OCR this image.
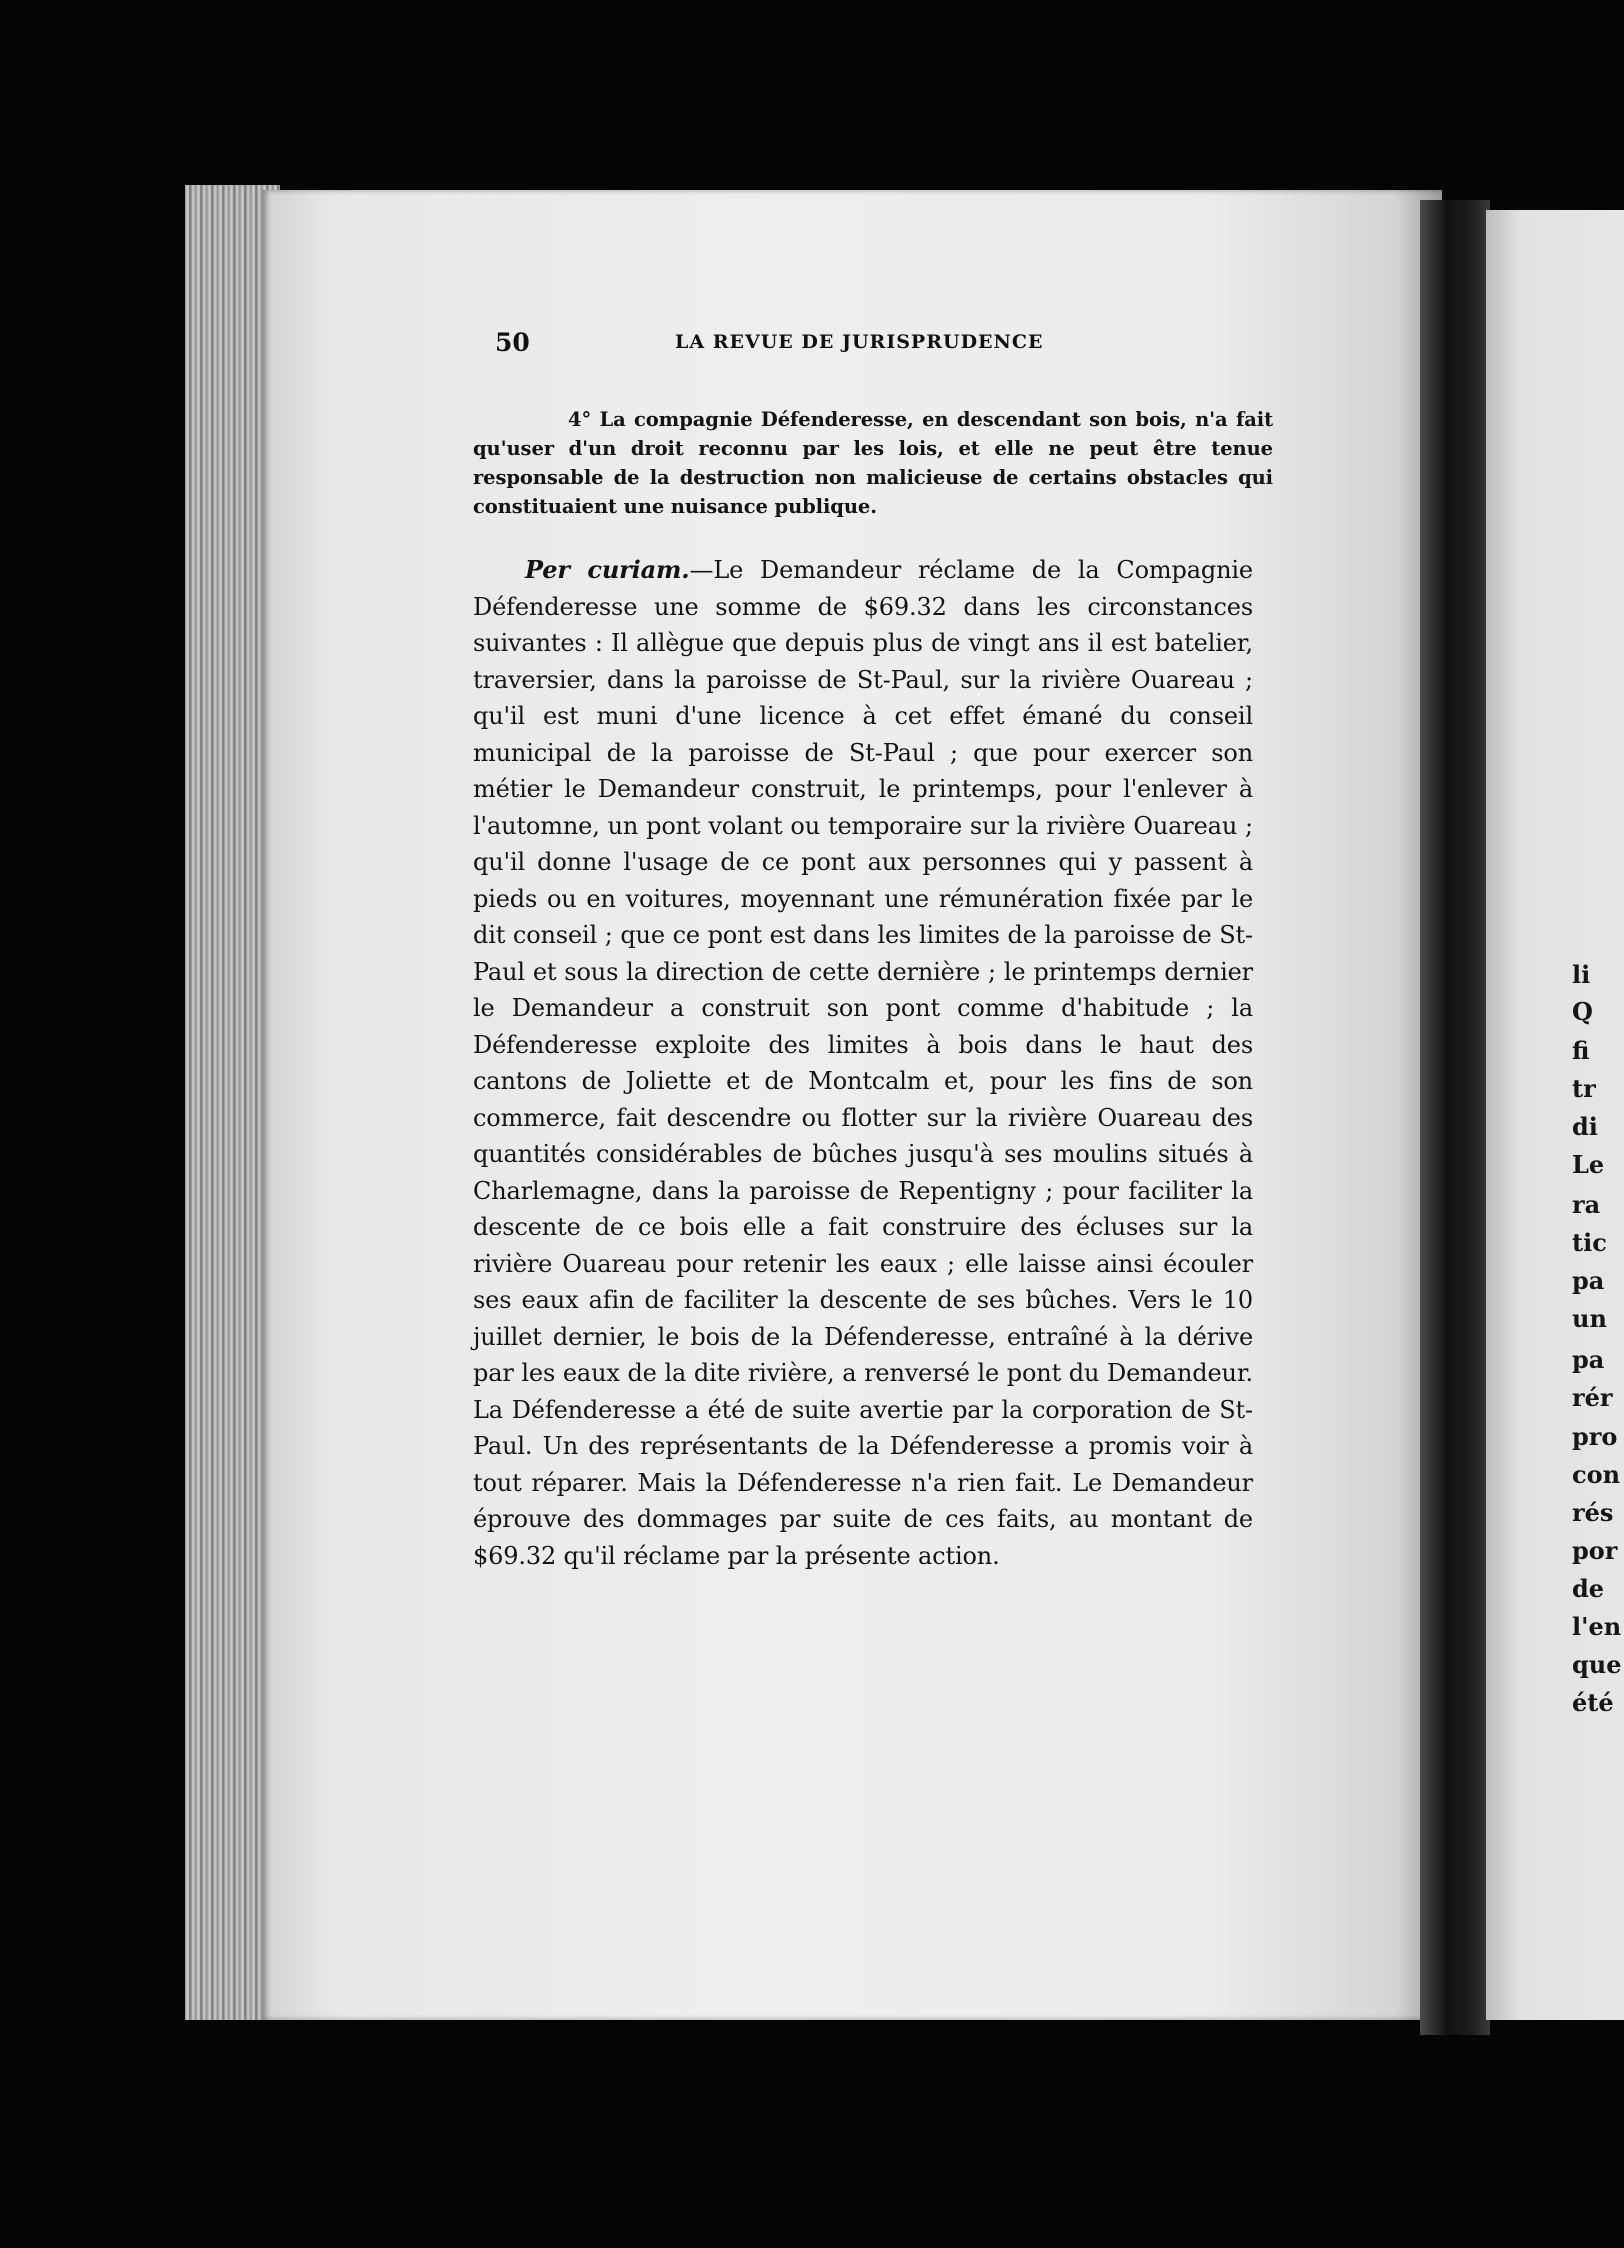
50	LA REVUE DE JURISPRUDENCE

4° La compagnie Défenderesse, en descendant son bois, n'a fait qu'user d'un droit reconnu par les lois, et elle ne peut être tenue responsable de la destruction non malicieuse de certains obstacles qui constituaient une nuisance publique.

Per curiam.—Le Demandeur réclame de la Compagnie Défenderesse une somme de $69.32 dans les circonstances suivantes : Il allègue que depuis plus de vingt ans il est batelier, traversier, dans la paroisse de St-Paul, sur la rivière Ouareau ; qu'il est muni d'une licence à cet effet émané du conseil municipal de la paroisse de St-Paul ; que pour exercer son métier le Demandeur construit, le printemps, pour l'enlever à l'automne, un pont volant ou temporaire sur la rivière Ouareau ; qu'il donne l'usage de ce pont aux personnes qui y passent à pieds ou en voitures, moyennant une rémunération fixée par le dit conseil ; que ce pont est dans les limites de la paroisse de St-Paul et sous la direction de cette dernière ; le printemps dernier le Demandeur a construit son pont comme d'habitude ; la Défenderesse exploite des limites à bois dans le haut des cantons de Joliette et de Montcalm et, pour les fins de son commerce, fait descendre ou flotter sur la rivière Ouareau des quantités considérables de bûches jusqu'à ses moulins situés à Charlemagne, dans la paroisse de Repentigny ; pour faciliter la descente de ce bois elle a fait construire des écluses sur la rivière Ouareau pour retenir les eaux ; elle laisse ainsi écouler ses eaux afin de faciliter la descente de ses bûches. Vers le 10 juillet dernier, le bois de la Défenderesse, entraîné à la dérive par les eaux de la dite rivière, a renversé le pont du Demandeur. La Défenderesse a été de suite avertie par la corporation de St-Paul. Un des représentants de la Défenderesse a promis voir à tout réparer. Mais la Défenderesse n'a rien fait. Le Demandeur éprouve des dommages par suite de ces faits, au montant de $69.32 qu'il réclame par la présente action.

li
Q
fi
tr
di
Le
ra
tic
pa
un
pa
rér
pro
con
rés
por
de
l'en
que
été
